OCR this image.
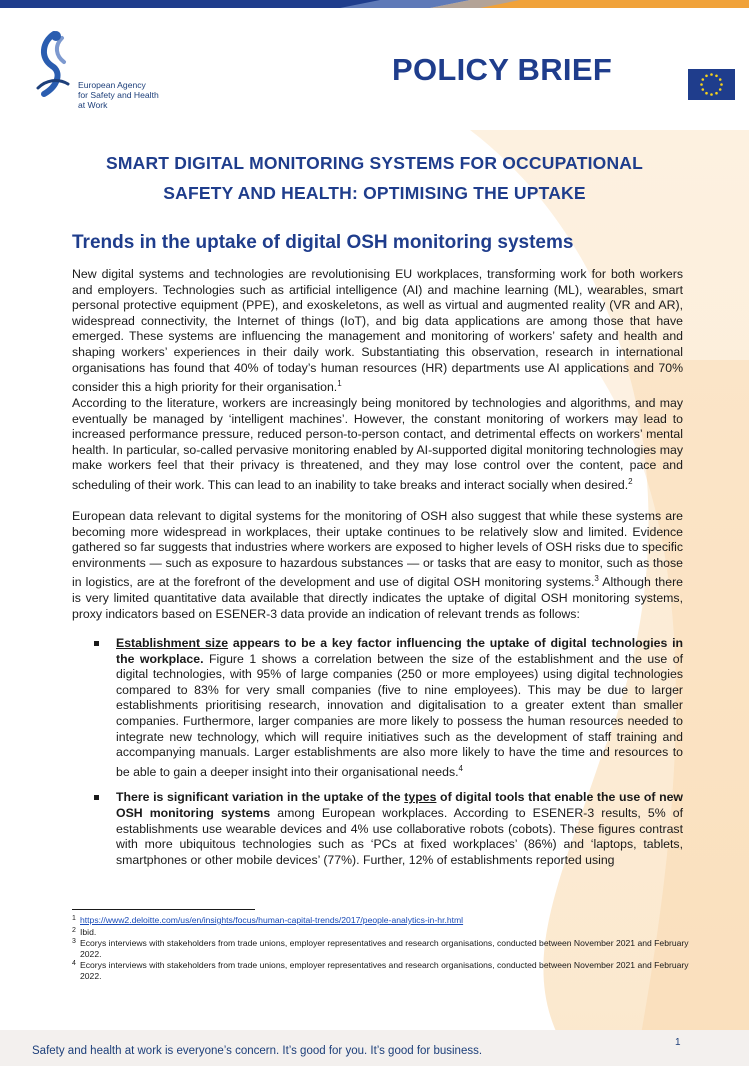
European Agency
for Safety and Health
at Work
POLICY BRIEF
SMART DIGITAL MONITORING SYSTEMS FOR OCCUPATIONAL
SAFETY AND HEALTH: OPTIMISING THE UPTAKE
Trends in the uptake of digital OSH monitoring systems

New digital systems and technologies are revolutionising EU workplaces, transforming work for both workers and employers. Technologies such as artificial intelligence (AI) and machine learning (ML), wearables, smart personal protective equipment (PPE), and exoskeletons, as well as virtual and augmented reality (VR and AR), widespread connectivity, the Internet of things (IoT), and big data applications are among those that have emerged. These systems are influencing the management and monitoring of workers’ safety and health and shaping workers’ experiences in their daily work. Substantiating this observation, research in international organisations has found that 40% of today’s human resources (HR) departments use AI applications and 70% consider this a high priority for their organisation.$^1$

According to the literature, workers are increasingly being monitored by technologies and algorithms, and may eventually be managed by ‘intelligent machines’. However, the constant monitoring of workers may lead to increased performance pressure, reduced person-to-person contact, and detrimental effects on workers’ mental health. In particular, so-called pervasive monitoring enabled by AI-supported digital monitoring technologies may make workers feel that their privacy is threatened, and they may lose control over the content, pace and scheduling of their work. This can lead to an inability to take breaks and interact socially when desired.$^2$

European data relevant to digital systems for the monitoring of OSH also suggest that while these systems are becoming more widespread in workplaces, their uptake continues to be relatively slow and limited. Evidence gathered so far suggests that industries where workers are exposed to higher levels of OSH risks due to specific environments — such as exposure to hazardous substances — or tasks that are easy to monitor, such as those in logistics, are at the forefront of the development and use of digital OSH monitoring systems.$^3$ Although there is very limited quantitative data available that directly indicates the uptake of digital OSH monitoring systems, proxy indicators based on ESENER-3 data provide an indication of relevant trends as follows:

Establishment size appears to be a key factor influencing the uptake of digital technologies in the workplace. Figure 1 shows a correlation between the size of the establishment and the use of digital technologies, with 95% of large companies (250 or more employees) using digital technologies compared to 83% for very small companies (five to nine employees). This may be due to larger establishments prioritising research, innovation and digitalisation to a greater extent than smaller companies. Furthermore, larger companies are more likely to possess the human resources needed to integrate new technology, which will require initiatives such as the development of staff training and accompanying manuals. Larger establishments are also more likely to have the time and resources to be able to gain a deeper insight into their organisational needs.$^4$
There is significant variation in the uptake of the types of digital tools that enable the use of new OSH monitoring systems among European workplaces. According to ESENER-3 results, 5% of establishments use wearable devices and 4% use collaborative robots (cobots). These figures contrast with more ubiquitous technologies such as ‘PCs at fixed workplaces’ (86%) and ‘laptops, tablets, smartphones or other mobile devices’ (77%). Further, 12% of establishments reported using
1 https://www2.deloitte.com/us/en/insights/focus/human-capital-trends/2017/people-analytics-in-hr.html
2 Ibid.
3 Ecorys interviews with stakeholders from trade unions, employer representatives and research organisations, conducted between November 2021 and February 2022.
4 Ecorys interviews with stakeholders from trade unions, employer representatives and research organisations, conducted between November 2021 and February 2022.
Safety and health at work is everyone’s concern. It’s good for you. It’s good for business.
1
